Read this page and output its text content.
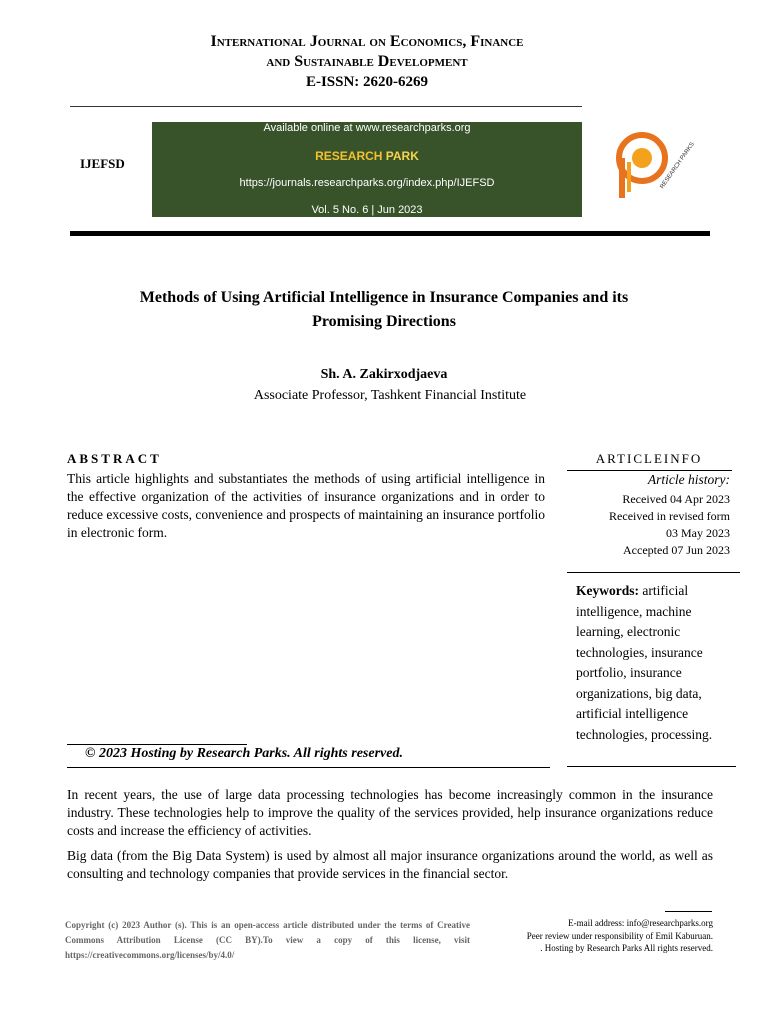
International Journal on Economics, Finance
and Sustainable Development
E-ISSN: 2620-6269
IJEFSD
Available online at www.researchparks.org
RESEARCH PARK
https://journals.researchparks.org/index.php/IJEFSD
Vol. 5 No. 6 | Jun 2023
RESEARCH PARKS
Methods of Using Artificial Intelligence in Insurance Companies and its
Promising Directions
Sh. A. Zakirxodjaeva
Associate Professor, Tashkent Financial Institute
ABSTRACT
This article highlights and substantiates the methods of using artificial intelligence in the effective organization of the activities of insurance organizations and in order to reduce excessive costs, convenience and prospects of maintaining an insurance portfolio in electronic form.
ARTICLEINFO
Article history:
Received 04 Apr 2023
Received in revised form
03 May 2023
Accepted 07 Jun 2023
Keywords: artificial intelligence, machine learning, electronic technologies, insurance portfolio, insurance organizations, big data, artificial intelligence technologies, processing.
© 2023 Hosting by Research Parks. All rights reserved.
In recent years, the use of large data processing technologies has become increasingly common in the insurance industry. These technologies help to improve the quality of the services provided, help insurance organizations reduce costs and increase the efficiency of activities.
Big data (from the Big Data System) is used by almost all major insurance organizations around the world, as well as consulting and technology companies that provide services in the financial sector.
Copyright (c) 2023 Author (s). This is an open-access article distributed under the terms of Creative Commons Attribution License (CC BY).To view a copy of this license, visit https://creativecommons.org/licenses/by/4.0/
E-mail address: info@researchparks.org
Peer review under responsibility of Emil Kaburuan.
. Hosting by Research Parks All rights reserved.
